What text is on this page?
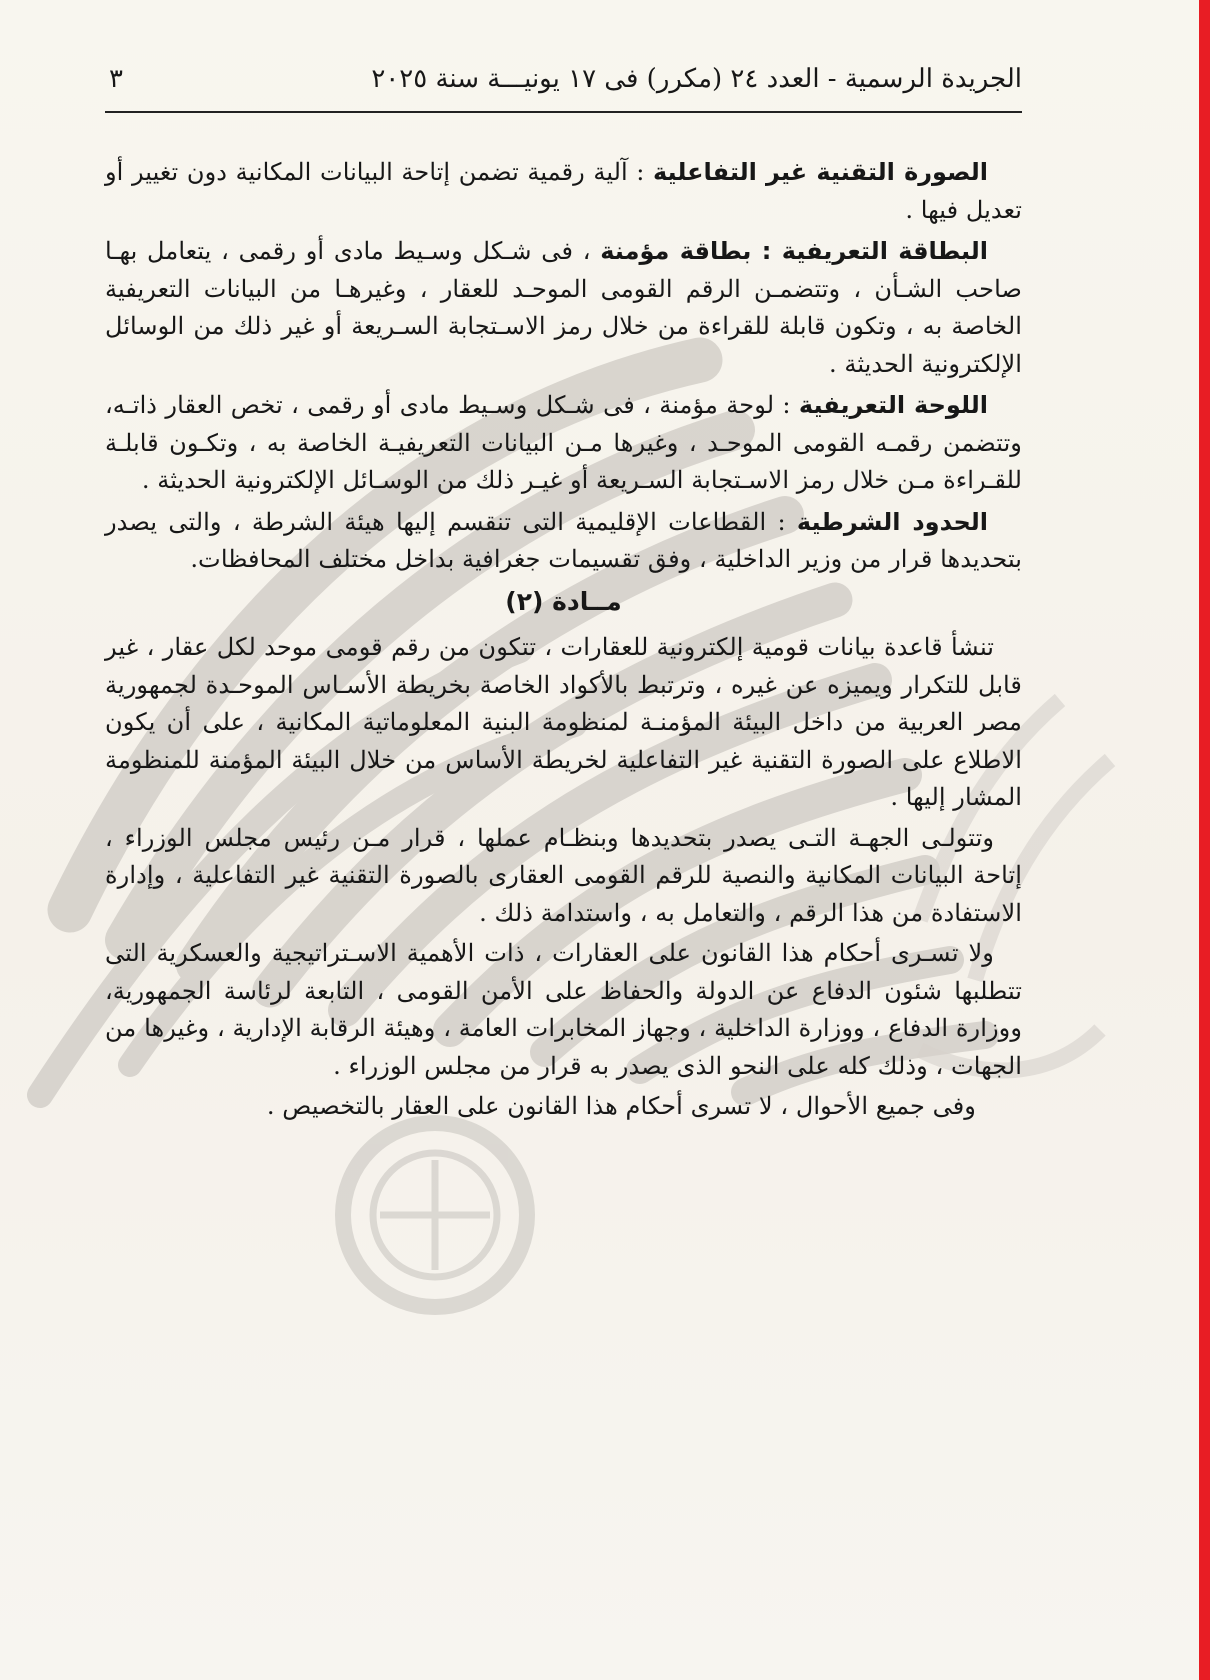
الجريدة الرسمية - العدد ٢٤ (مكرر) فى ١٧ يونيـــة سنة ٢٠٢٥
٣

الصورة التقنية غير التفاعلية : آلية رقمية تضمن إتاحة البيانات المكانية دون تغيير أو تعديل فيها .

البطاقة التعريفية : بطاقة مؤمنة ، فى شـكل وسـيط مادى أو رقمى ، يتعامل بهـا صاحب الشـأن ، وتتضمـن الرقم القومى الموحـد للعقار ، وغيرهـا من البيانات التعريفية الخاصة به ، وتكون قابلة للقراءة من خلال رمز الاسـتجابة السـريعة أو غير ذلك من الوسائل الإلكترونية الحديثة .

اللوحة التعريفية : لوحة مؤمنة ، فى شـكل وسـيط مادى أو رقمى ، تخص العقار ذاتـه، وتتضمن رقمـه القومى الموحـد ، وغيرها مـن البيانات التعريفيـة الخاصة به ، وتكـون قابلـة للقـراءة مـن خلال رمز الاسـتجابة السـريعة أو غيـر ذلك من الوسـائل الإلكترونية الحديثة .

الحدود الشرطية : القطاعات الإقليمية التى تنقسم إليها هيئة الشرطة ، والتى يصدر بتحديدها قرار من وزير الداخلية ، وفق تقسيمات جغرافية بداخل مختلف المحافظات.

مــادة (٢)

تنشأ قاعدة بيانات قومية إلكترونية للعقارات ، تتكون من رقم قومى موحد لكل عقار ، غير قابل للتكرار ويميزه عن غيره ، وترتبط بالأكواد الخاصة بخريطة الأسـاس الموحـدة لجمهورية مصر العربية من داخل البيئة المؤمنـة لمنظومة البنية المعلوماتية المكانية ، على أن يكون الاطلاع على الصورة التقنية غير التفاعلية لخريطة الأساس من خلال البيئة المؤمنة للمنظومة المشار إليها .

وتتولـى الجهـة التـى يصدر بتحديدها وبنظـام عملها ، قرار مـن رئيس مجلس الوزراء ، إتاحة البيانات المكانية والنصية للرقم القومى العقارى بالصورة التقنية غير التفاعلية ، وإدارة الاستفادة من هذا الرقم ، والتعامل به ، واستدامة ذلك .

ولا تسـرى أحكام هذا القانون على العقارات ، ذات الأهمية الاسـتراتيجية والعسكرية التى تتطلبها شئون الدفاع عن الدولة والحفاظ على الأمن القومى ، التابعة لرئاسة الجمهورية، ووزارة الدفاع ، ووزارة الداخلية ، وجهاز المخابرات العامة ، وهيئة الرقابة الإدارية ، وغيرها من الجهات ، وذلك كله على النحو الذى يصدر به قرار من مجلس الوزراء .

وفى جميع الأحوال ، لا تسرى أحكام هذا القانون على العقار بالتخصيص .
